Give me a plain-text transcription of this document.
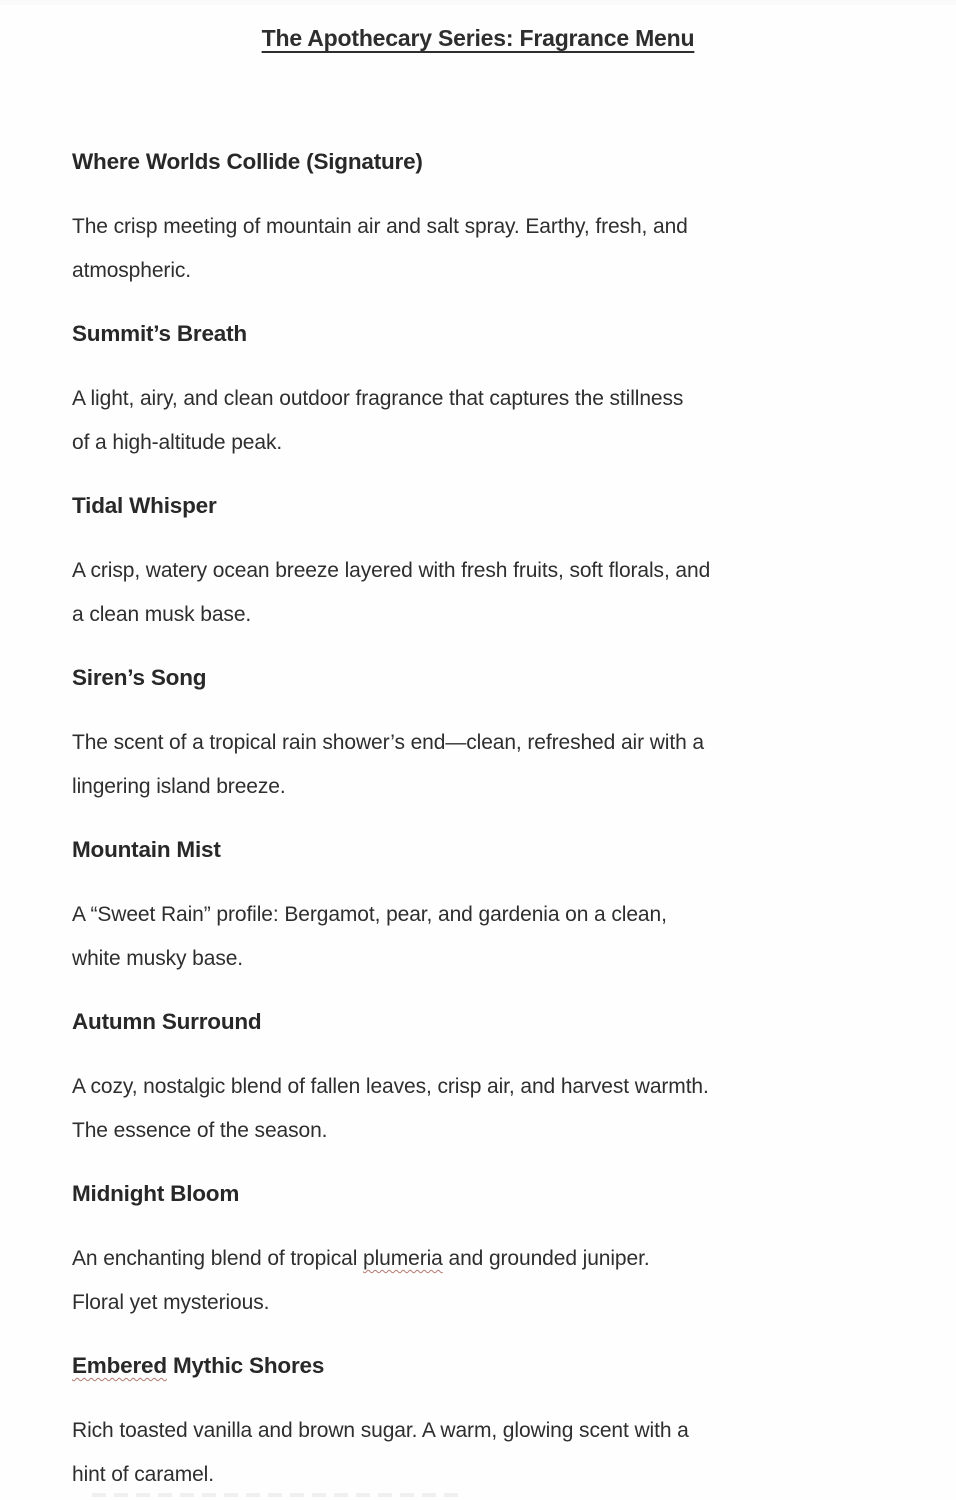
The Apothecary Series: Fragrance Menu
Where Worlds Collide (Signature)

The crisp meeting of mountain air and salt spray. Earthy, fresh, and
atmospheric.

Summit’s Breath

A light, airy, and clean outdoor fragrance that captures the stillness
of a high-altitude peak.

Tidal Whisper

A crisp, watery ocean breeze layered with fresh fruits, soft florals, and
a clean musk base.

Siren’s Song

The scent of a tropical rain shower’s end—clean, refreshed air with a
lingering island breeze.

Mountain Mist

A “Sweet Rain” profile: Bergamot, pear, and gardenia on a clean,
white musky base.

Autumn Surround

A cozy, nostalgic blend of fallen leaves, crisp air, and harvest warmth.
The essence of the season.

Midnight Bloom

An enchanting blend of tropical plumeria and grounded juniper.
Floral yet mysterious.

Embered Mythic Shores

Rich toasted vanilla and brown sugar. A warm, glowing scent with a
hint of caramel.
